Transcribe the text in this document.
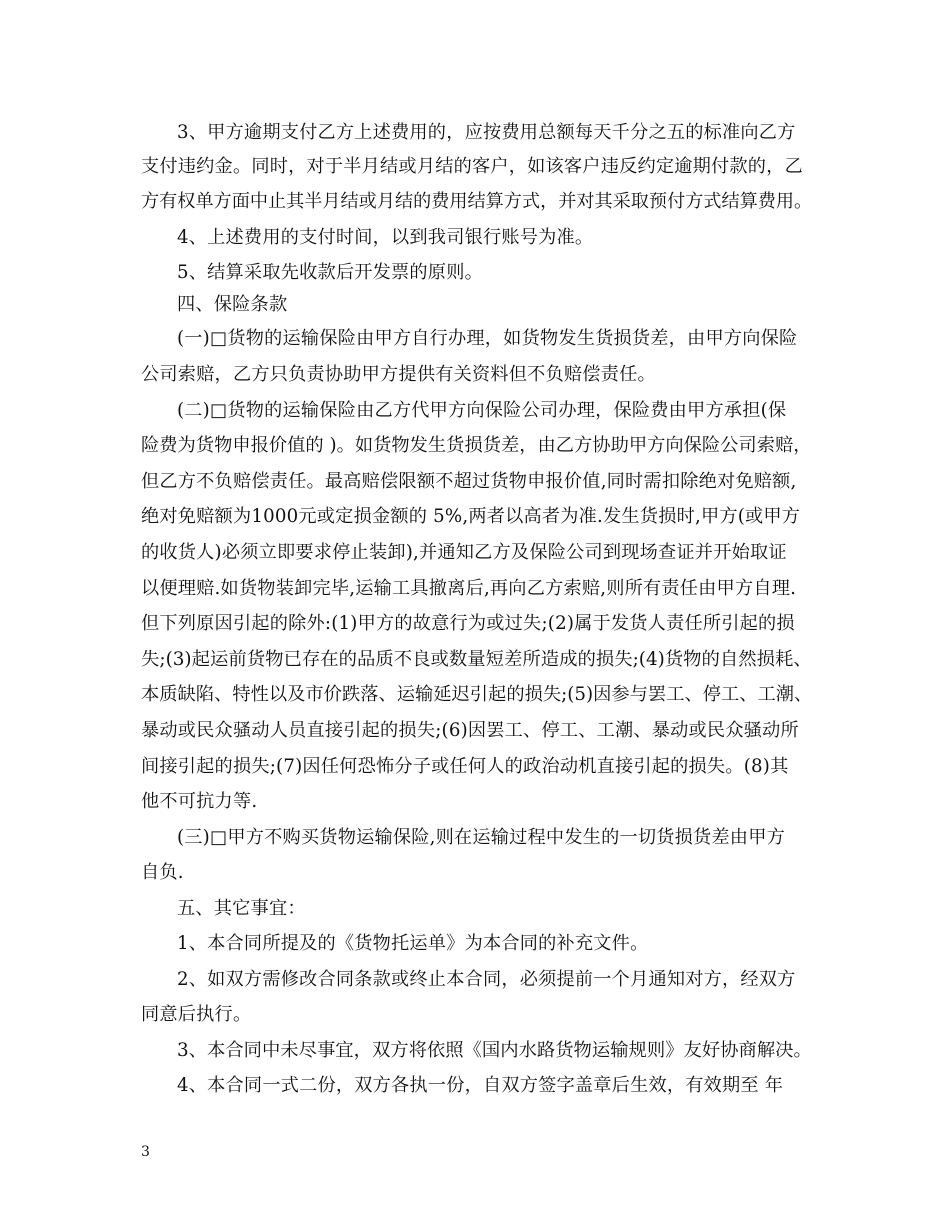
3、甲方逾期支付乙方上述费用的，应按费用总额每天千分之五的标准向乙方

支付违约金。同时，对于半月结或月结的客户，如该客户违反约定逾期付款的，乙

方有权单方面中止其半月结或月结的费用结算方式，并对其采取预付方式结算费用。

4、上述费用的支付时间，以到我司银行账号为准。

5、结算采取先收款后开发票的原则。

四、保险条款

(一)□货物的运输保险由甲方自行办理，如货物发生货损货差，由甲方向保险

公司索赔，乙方只负责协助甲方提供有关资料但不负赔偿责任。

(二)□货物的运输保险由乙方代甲方向保险公司办理，保险费由甲方承担(保

险费为货物申报价值的 )。如货物发生货损货差，由乙方协助甲方向保险公司索赔，

但乙方不负赔偿责任。最高赔偿限额不超过货物申报价值,同时需扣除绝对免赔额,

绝对免赔额为1000元或定损金额的 5%,两者以高者为准.发生货损时,甲方(或甲方

的收货人)必须立即要求停止装卸),并通知乙方及保险公司到现场查证并开始取证

以便理赔.如货物装卸完毕,运输工具撤离后,再向乙方索赔,则所有责任由甲方自理.

但下列原因引起的除外:(1)甲方的故意行为或过失;(2)属于发货人责任所引起的损

失;(3)起运前货物已存在的品质不良或数量短差所造成的损失;(4)货物的自然损耗、

本质缺陷、特性以及市价跌落、运输延迟引起的损失;(5)因参与罢工、停工、工潮、

暴动或民众骚动人员直接引起的损失;(6)因罢工、停工、工潮、暴动或民众骚动所

间接引起的损失;(7)因任何恐怖分子或任何人的政治动机直接引起的损失。(8)其

他不可抗力等.

(三)□甲方不购买货物运输保险,则在运输过程中发生的一切货损货差由甲方

自负.

五、其它事宜：

1、本合同所提及的《货物托运单》为本合同的补充文件。

2、如双方需修改合同条款或终止本合同，必须提前一个月通知对方，经双方

同意后执行。

3、本合同中未尽事宜，双方将依照《国内水路货物运输规则》友好协商解决。

4、本合同一式二份，双方各执一份，自双方签字盖章后生效，有效期至 年

3
